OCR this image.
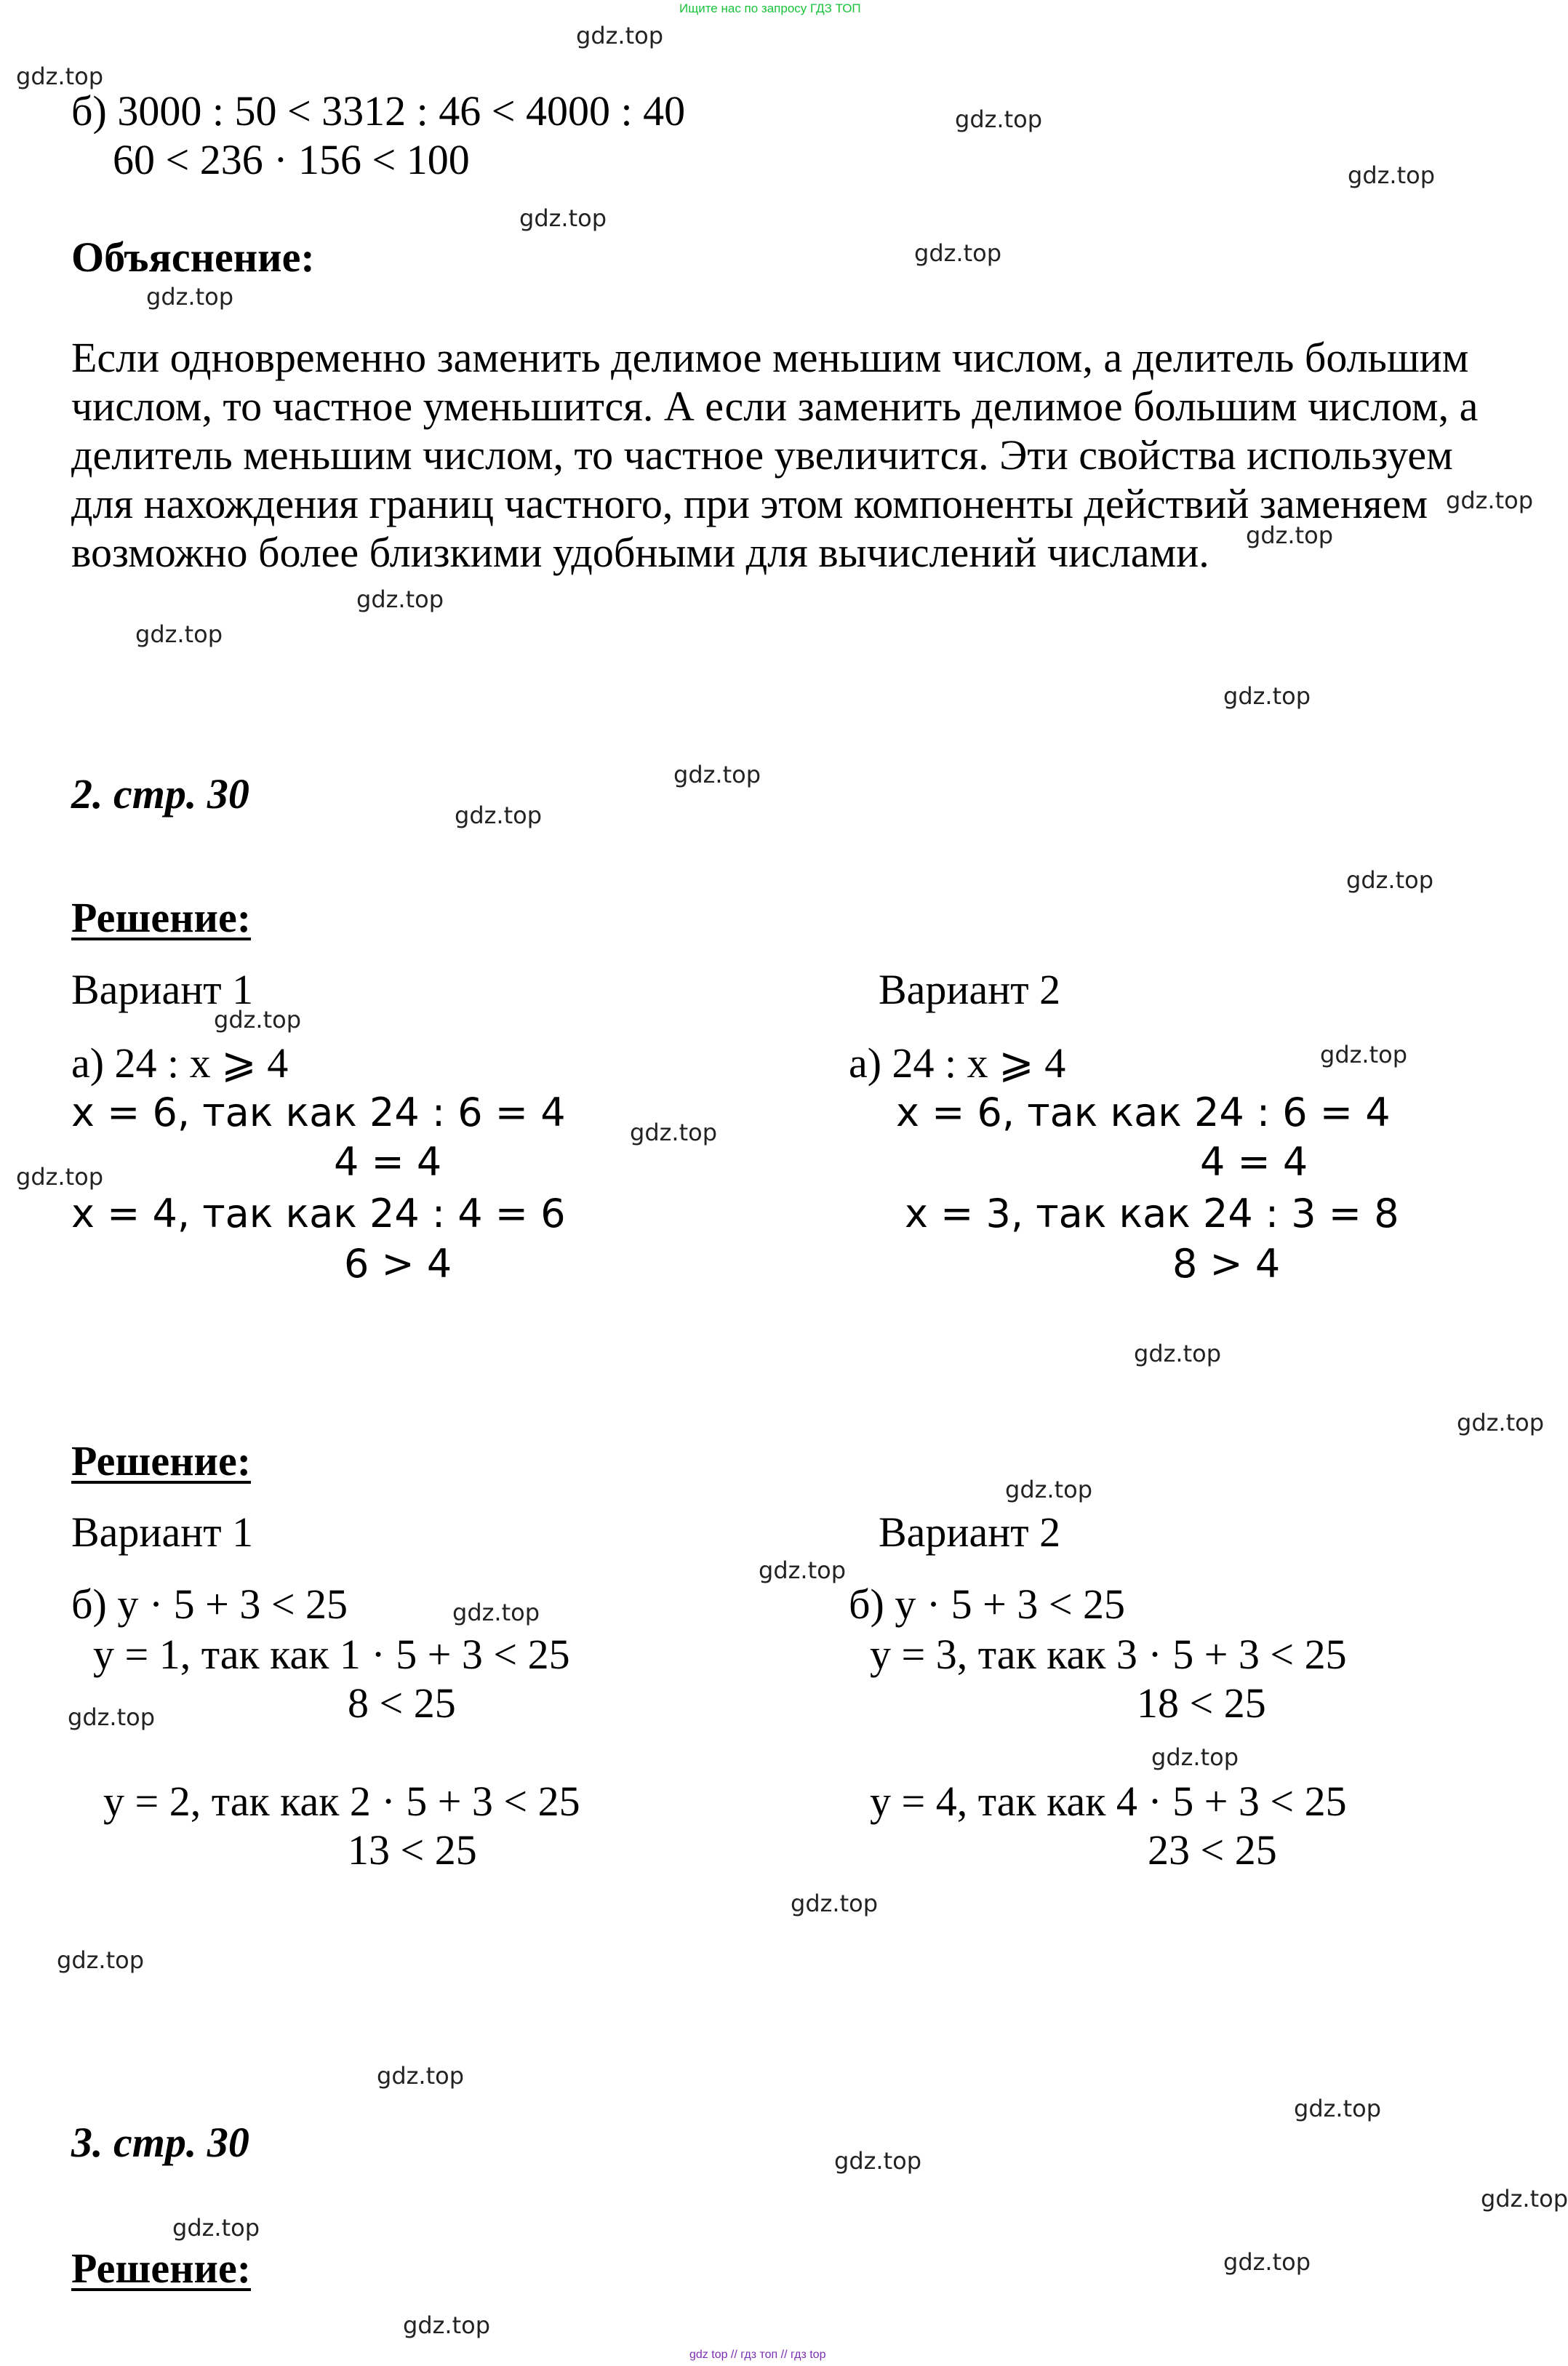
Ищите нас по запросу ГДЗ ТОП
б) 3000 : 50 < 3312 : 46 < 4000 : 40
60 < 236 · 156 < 100
Объяснение:
Если одновременно заменить делимое меньшим числом, а делитель большим
числом, то частное уменьшится. А если заменить делимое большим числом, а
делитель меньшим числом, то частное увеличится. Эти свойства используем
для нахождения границ частного, при этом компоненты действий заменяем
возможно более близкими удобными для вычислений числами.
2. стр. 30
Решение:
Вариант 1	Вариант 2
а) 24 : х ⩾ 4
х = 6, так как 24 : 6 = 4
4 = 4
х = 4, так как 24 : 4 = 6
6 > 4
а) 24 : х ⩾ 4
х = 6, так как 24 : 6 = 4
4 = 4
х = 3, так как 24 : 3 = 8
8 > 4
Решение:
Вариант 1	Вариант 2
б) у · 5 + 3 < 25
у = 1, так как 1 · 5 + 3 < 25
8 < 25
у = 2, так как 2 · 5 + 3 < 25
13 < 25
б) у · 5 + 3 < 25
у = 3, так как 3 · 5 + 3 < 25
18 < 25
у = 4, так как 4 · 5 + 3 < 25
23 < 25
3. стр. 30
Решение:
gdz.top
gdz.top
gdz.top
gdz.top
gdz.top
gdz.top
gdz.top
gdz.top
gdz.top
gdz.top
gdz.top
gdz.top
gdz.top
gdz.top
gdz.top
gdz.top
gdz.top
gdz.top
gdz.top
gdz.top
gdz.top
gdz.top
gdz.top
gdz.top
gdz.top
gdz.top
gdz.top
gdz.top
gdz.top
gdz.top
gdz.top
gdz.top
gdz.top
gdz.top
gdz.top
gdz top // гдз топ // гдз top
